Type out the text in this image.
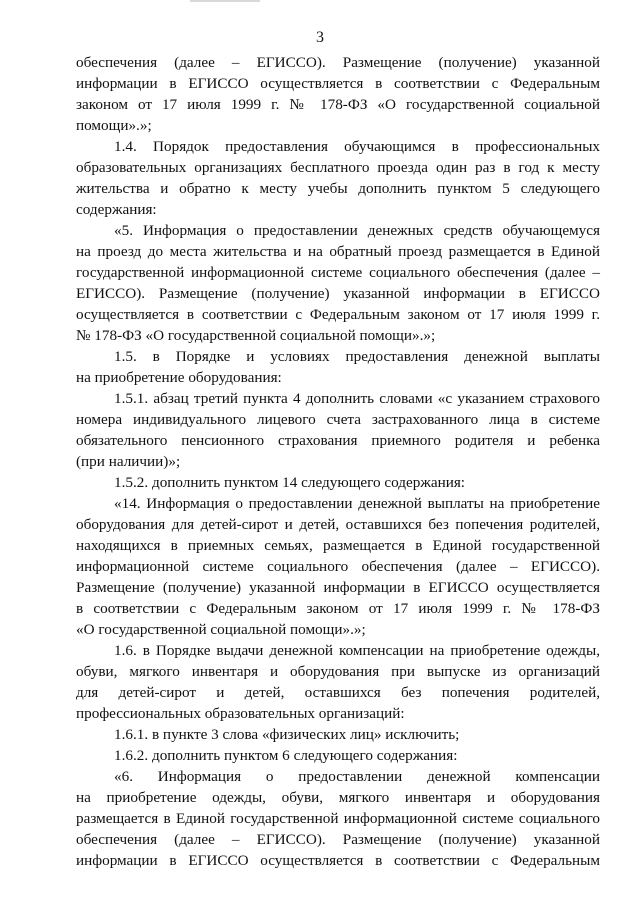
3
обеспечения (далее – ЕГИССО). Размещение (получение) указанной
информации в ЕГИССО осуществляется в соответствии с Федеральным
законом от 17 июля 1999 г. № 178-ФЗ «О государственной социальной
помощи».»;
1.4. Порядок предоставления обучающимся в профессиональных
образовательных организациях бесплатного проезда один раз в год к месту
жительства и обратно к месту учебы дополнить пунктом 5 следующего
содержания:
«5. Информация о предоставлении денежных средств обучающемуся
на проезд до места жительства и на обратный проезд размещается в Единой
государственной информационной системе социального обеспечения (далее –
ЕГИССО). Размещение (получение) указанной информации в ЕГИССО
осуществляется в соответствии с Федеральным законом от 17 июля 1999 г.
№ 178-ФЗ «О государственной социальной помощи».»;
1.5. в Порядке и условиях предоставления денежной выплаты
на приобретение оборудования:
1.5.1. абзац третий пункта 4 дополнить словами «с указанием страхового
номера индивидуального лицевого счета застрахованного лица в системе
обязательного пенсионного страхования приемного родителя и ребенка
(при наличии)»;
1.5.2. дополнить пунктом 14 следующего содержания:
«14. Информация о предоставлении денежной выплаты на приобретение
оборудования для детей-сирот и детей, оставшихся без попечения родителей,
находящихся в приемных семьях, размещается в Единой государственной
информационной системе социального обеспечения (далее – ЕГИССО).
Размещение (получение) указанной информации в ЕГИССО осуществляется
в соответствии с Федеральным законом от 17 июля 1999 г. № 178-ФЗ
«О государственной социальной помощи».»;
1.6. в Порядке выдачи денежной компенсации на приобретение одежды,
обуви, мягкого инвентаря и оборудования при выпуске из организаций
для детей-сирот и детей, оставшихся без попечения родителей,
профессиональных образовательных организаций:
1.6.1. в пункте 3 слова «физических лиц» исключить;
1.6.2. дополнить пунктом 6 следующего содержания:
«6. Информация о предоставлении денежной компенсации
на приобретение одежды, обуви, мягкого инвентаря и оборудования
размещается в Единой государственной информационной системе социального
обеспечения (далее – ЕГИССО). Размещение (получение) указанной
информации в ЕГИССО осуществляется в соответствии с Федеральным
